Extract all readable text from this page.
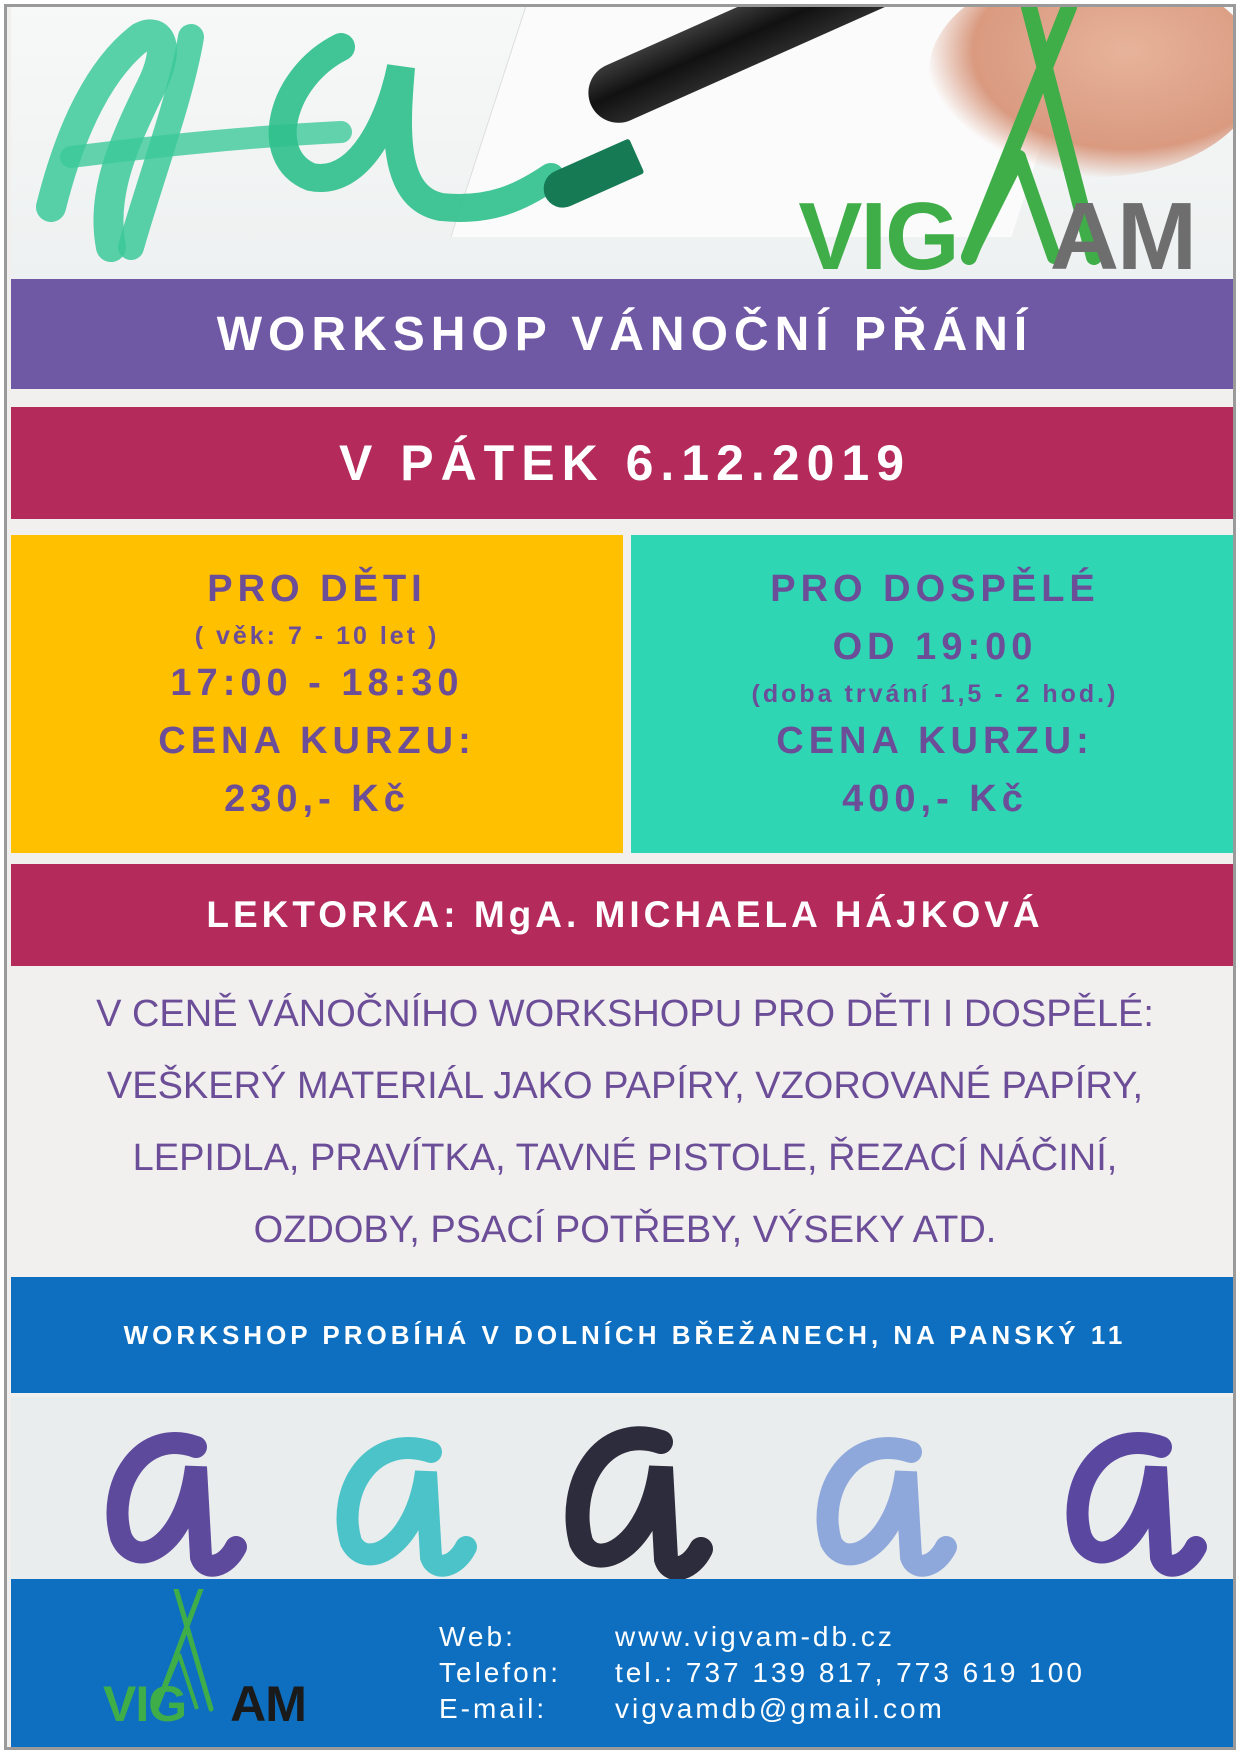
VIG AM
WORKSHOP VÁNOČNÍ PŘÁNÍ
V PÁTEK 6.12.2019
PRO DĚTI
( věk: 7 - 10 let )
17:00 - 18:30
CENA KURZU:
230,- Kč
PRO DOSPĚLÉ
OD 19:00
(doba trvání 1,5 - 2 hod.)
CENA KURZU:
400,- Kč
LEKTORKA: MgA. MICHAELA HÁJKOVÁ
V CENĚ VÁNOČNÍHO WORKSHOPU PRO DĚTI I DOSPĚLÉ:
VEŠKERÝ MATERIÁL JAKO PAPÍRY, VZOROVANÉ PAPÍRY,
LEPIDLA, PRAVÍTKA, TAVNÉ PISTOLE, ŘEZACÍ NÁČINÍ,
OZDOBY, PSACÍ POTŘEBY, VÝSEKY ATD.
WORKSHOP PROBÍHÁ V DOLNÍCH BŘEŽANECH, NA PANSKÝ 11
VIG AM
Web:	www.vigvam-db.cz
Telefon:	tel.: 737 139 817, 773 619 100
E-mail:	vigvamdb@gmail.com
